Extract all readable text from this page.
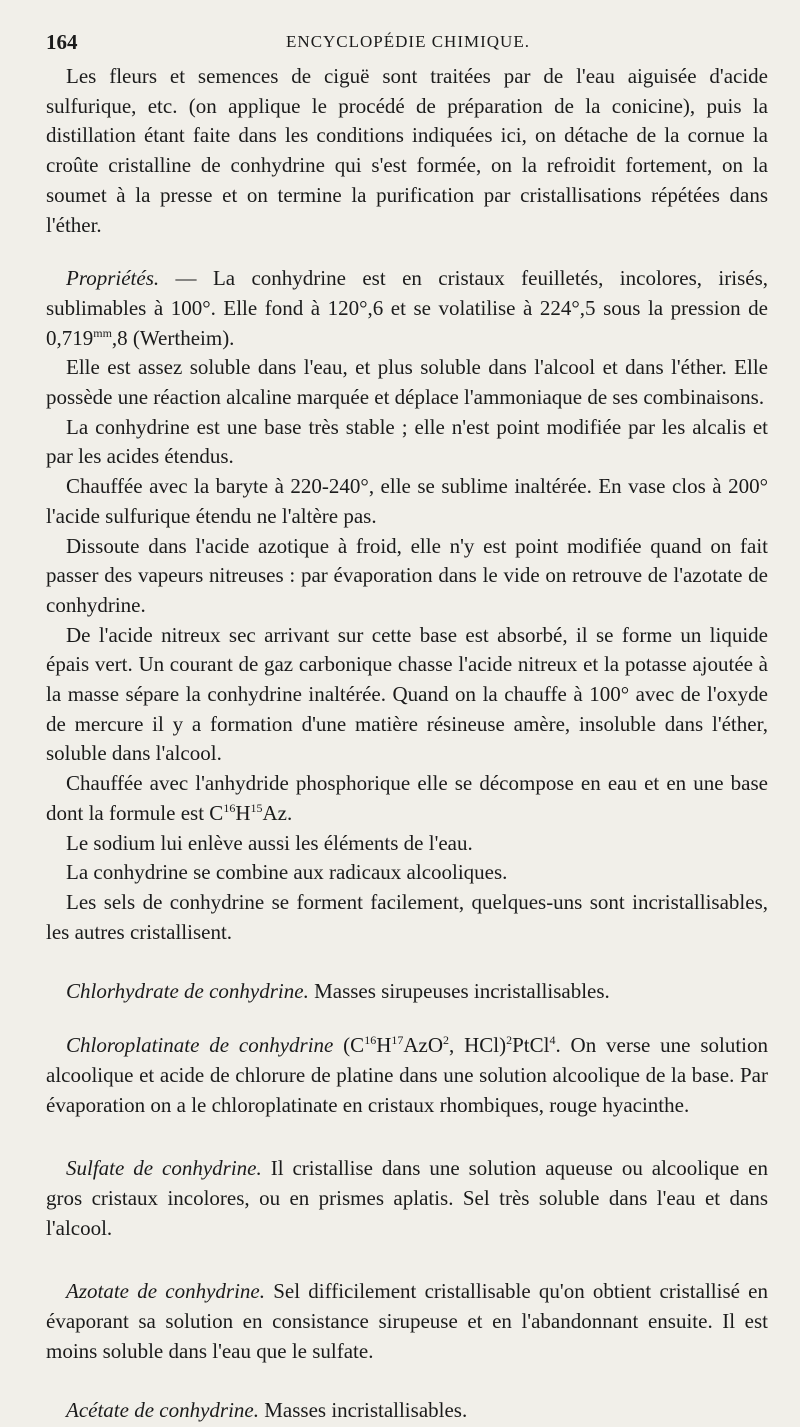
164	ENCYCLOPÉDIE CHIMIQUE.

Les fleurs et semences de ciguë sont traitées par de l'eau aiguisée d'acide sulfurique, etc. (on applique le procédé de préparation de la conicine), puis la distillation étant faite dans les conditions indiquées ici, on détache de la cornue la croûte cristalline de conhydrine qui s'est formée, on la refroidit fortement, on la soumet à la presse et on termine la purification par cristallisations répétées dans l'éther.

Propriétés. — La conhydrine est en cristaux feuilletés, incolores, irisés, sublimables à 100°. Elle fond à 120°,6 et se volatilise à 224°,5 sous la pression de $0,719^{mm},8$ (Wertheim).

Elle est assez soluble dans l'eau, et plus soluble dans l'alcool et dans l'éther. Elle possède une réaction alcaline marquée et déplace l'ammoniaque de ses combinaisons.

La conhydrine est une base très stable ; elle n'est point modifiée par les alcalis et par les acides étendus.

Chauffée avec la baryte à 220-240°, elle se sublime inaltérée. En vase clos à 200° l'acide sulfurique étendu ne l'altère pas.

Dissoute dans l'acide azotique à froid, elle n'y est point modifiée quand on fait passer des vapeurs nitreuses : par évaporation dans le vide on retrouve de l'azotate de conhydrine.

De l'acide nitreux sec arrivant sur cette base est absorbé, il se forme un liquide épais vert. Un courant de gaz carbonique chasse l'acide nitreux et la potasse ajoutée à la masse sépare la conhydrine inaltérée. Quand on la chauffe à 100° avec de l'oxyde de mercure il y a formation d'une matière résineuse amère, insoluble dans l'éther, soluble dans l'alcool.

Chauffée avec l'anhydride phosphorique elle se décompose en eau et en une base dont la formule est $C^{16}H^{15}Az$.

Le sodium lui enlève aussi les éléments de l'eau.

La conhydrine se combine aux radicaux alcooliques.

Les sels de conhydrine se forment facilement, quelques-uns sont incristallisables, les autres cristallisent.

Chlorhydrate de conhydrine. Masses sirupeuses incristallisables.

Chloroplatinate de conhydrine ($C^{16}H^{17}AzO^2$, HCl)$^2$PtCl$^4$. On verse une solution alcoolique et acide de chlorure de platine dans une solution alcoolique de la base. Par évaporation on a le chloroplatinate en cristaux rhombiques, rouge hyacinthe.

Sulfate de conhydrine. Il cristallise dans une solution aqueuse ou alcoolique en gros cristaux incolores, ou en prismes aplatis. Sel très soluble dans l'eau et dans l'alcool.

Azotate de conhydrine. Sel difficilement cristallisable qu'on obtient cristallisé en évaporant sa solution en consistance sirupeuse et en l'abandonnant ensuite. Il est moins soluble dans l'eau que le sulfate.

Acétate de conhydrine. Masses incristallisables.
